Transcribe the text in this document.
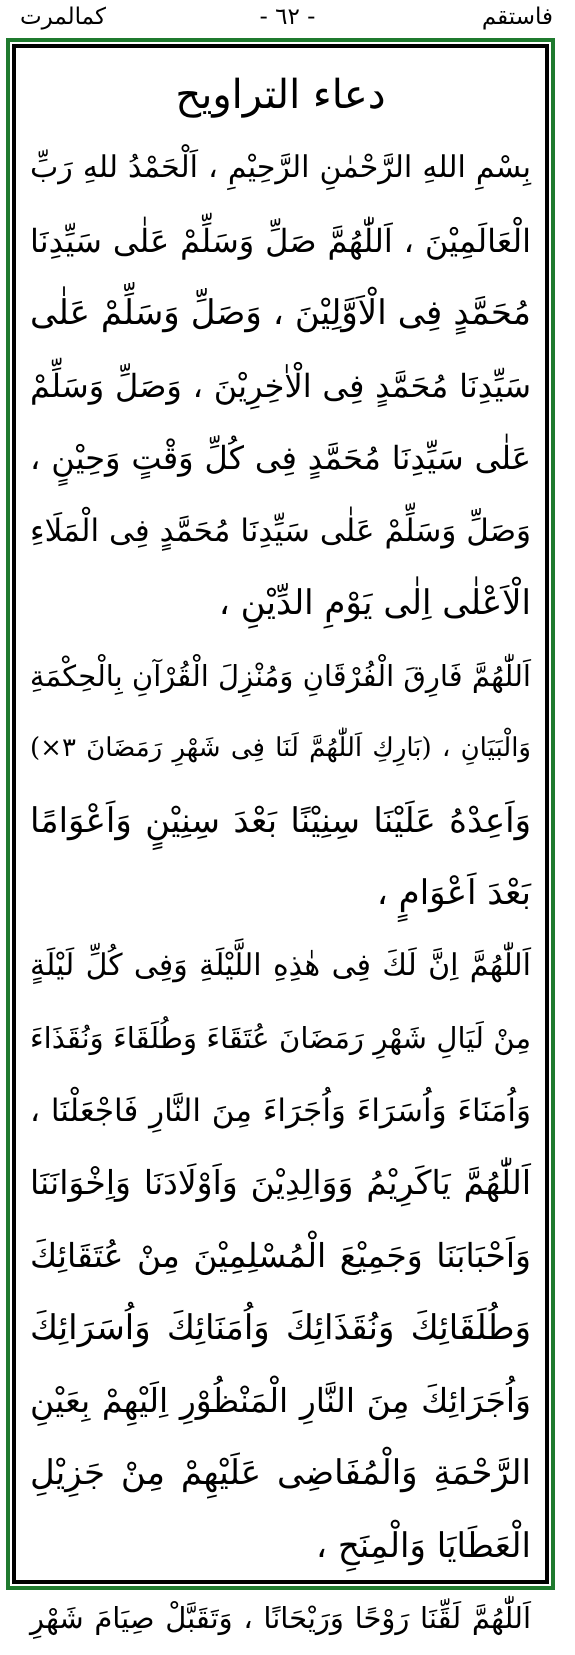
فاستقم
- ٦٢ -
كمالمرت
دعاء التراويح
بِسْمِ اللهِ الرَّحْمٰنِ الرَّحِيْمِ ، اَلْحَمْدُ للهِ رَبِّ
الْعَالَمِيْنَ ، اَللّٰهُمَّ صَلِّ وَسَلِّمْ عَلٰى سَيِّدِنَا
مُحَمَّدٍ فِى الْاَوَّلِيْنَ ، وَصَلِّ وَسَلِّمْ عَلٰى
سَيِّدِنَا مُحَمَّدٍ فِى الْاٰخِرِيْنَ ، وَصَلِّ وَسَلِّمْ
عَلٰى سَيِّدِنَا مُحَمَّدٍ فِى كُلِّ وَقْتٍ وَحِيْنٍ ،
وَصَلِّ وَسَلِّمْ عَلٰى سَيِّدِنَا مُحَمَّدٍ فِى الْمَلَاءِ
الْاَعْلٰى اِلٰى يَوْمِ الدِّيْنِ ،
اَللّٰهُمَّ فَارِقَ الْفُرْقَانِ وَمُنْزِلَ الْقُرْآنِ بِالْحِكْمَةِ
وَالْبَيَانِ ، (بَارِكِ اَللّٰهُمَّ لَنَا فِى شَهْرِ رَمَضَانَ ٣×)
وَاَعِدْهُ عَلَيْنَا سِنِيْنًا بَعْدَ سِنِيْنٍ وَاَعْوَامًا
بَعْدَ اَعْوَامٍ ،
اَللّٰهُمَّ اِنَّ لَكَ فِى هٰذِهِ اللَّيْلَةِ وَفِى كُلِّ لَيْلَةٍ
مِنْ لَيَالِ شَهْرِ رَمَضَانَ عُتَقَاءَ وَطُلَقَاءَ وَنُقَذَاءَ
وَاُمَنَاءَ وَاُسَرَاءَ وَاُجَرَاءَ مِنَ النَّارِ فَاجْعَلْنَا ،
اَللّٰهُمَّ يَاكَرِيْمُ وَوَالِدِيْنَ وَاَوْلَادَنَا وَاِخْوَانَنَا
وَاَحْبَابَنَا وَجَمِيْعَ الْمُسْلِمِيْنَ مِنْ عُتَقَائِكَ
وَطُلَقَائِكَ وَنُقَذَائِكَ وَاُمَنَائِكَ وَاُسَرَائِكَ
وَاُجَرَائِكَ مِنَ النَّارِ الْمَنْظُوْرِ اِلَيْهِمْ بِعَيْنِ
الرَّحْمَةِ وَالْمُفَاضِى عَلَيْهِمْ مِنْ جَزِيْلِ
الْعَطَايَا وَالْمِنَحِ ،
اَللّٰهُمَّ لَقِّنَا رَوْحًا وَرَيْحَانًا ، وَتَقَبَّلْ صِيَامَ شَهْرِ
